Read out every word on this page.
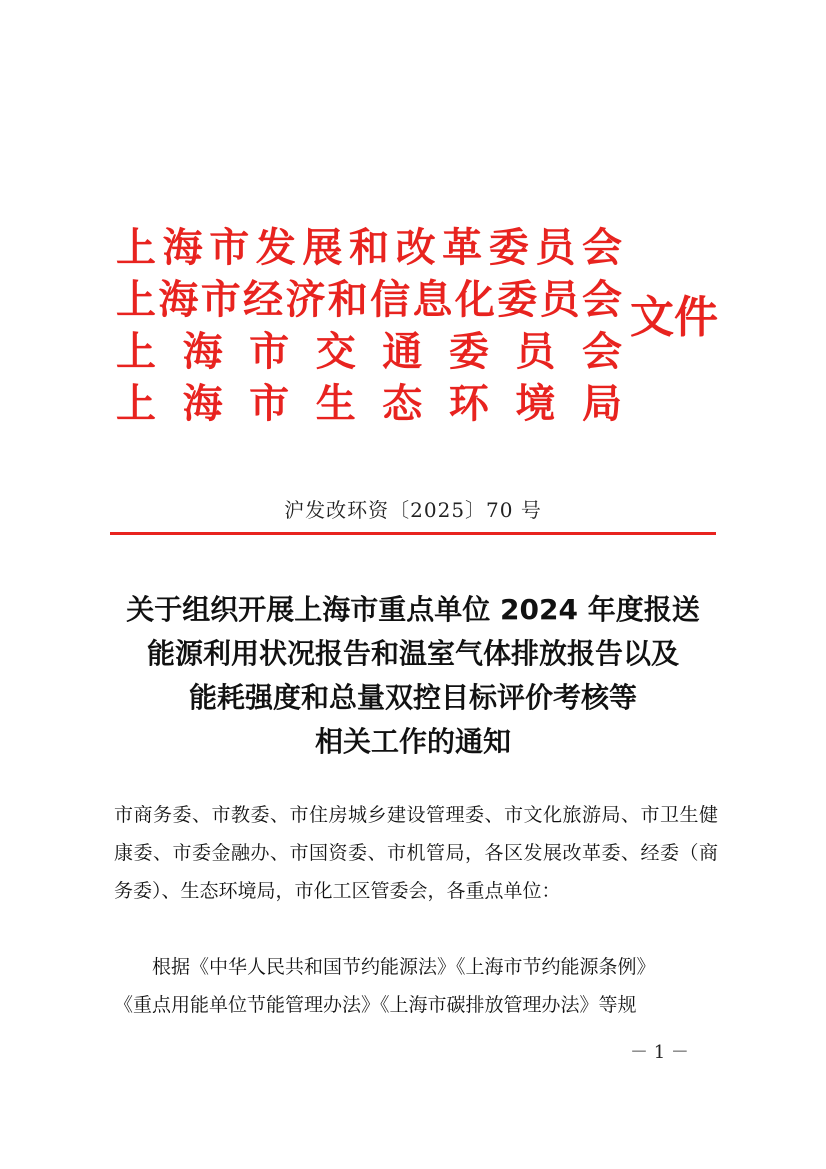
上 海 市 发 展 和 改 革 委 员 会
上 海 市 经 济 和 信 息 化 委 员 会
上 海 市 交 通 委 员 会
上 海 市 生 态 环 境 局
文件
沪发改环资〔2025〕70 号
关于组织开展上海市重点单位 2024 年度报送
能源利用状况报告和温室气体排放报告以及
能耗强度和总量双控目标评价考核等
相关工作的通知
市商务委、市教委、市住房城乡建设管理委、市文化旅游局、市卫生健康委、市委金融办、市国资委、市机管局，各区发展改革委、经委（商务委）、生态环境局，市化工区管委会，各重点单位：
根据《中华人民共和国节约能源法》《上海市节约能源条例》
《重点用能单位节能管理办法》《上海市碳排放管理办法》等规
－ 1 －
